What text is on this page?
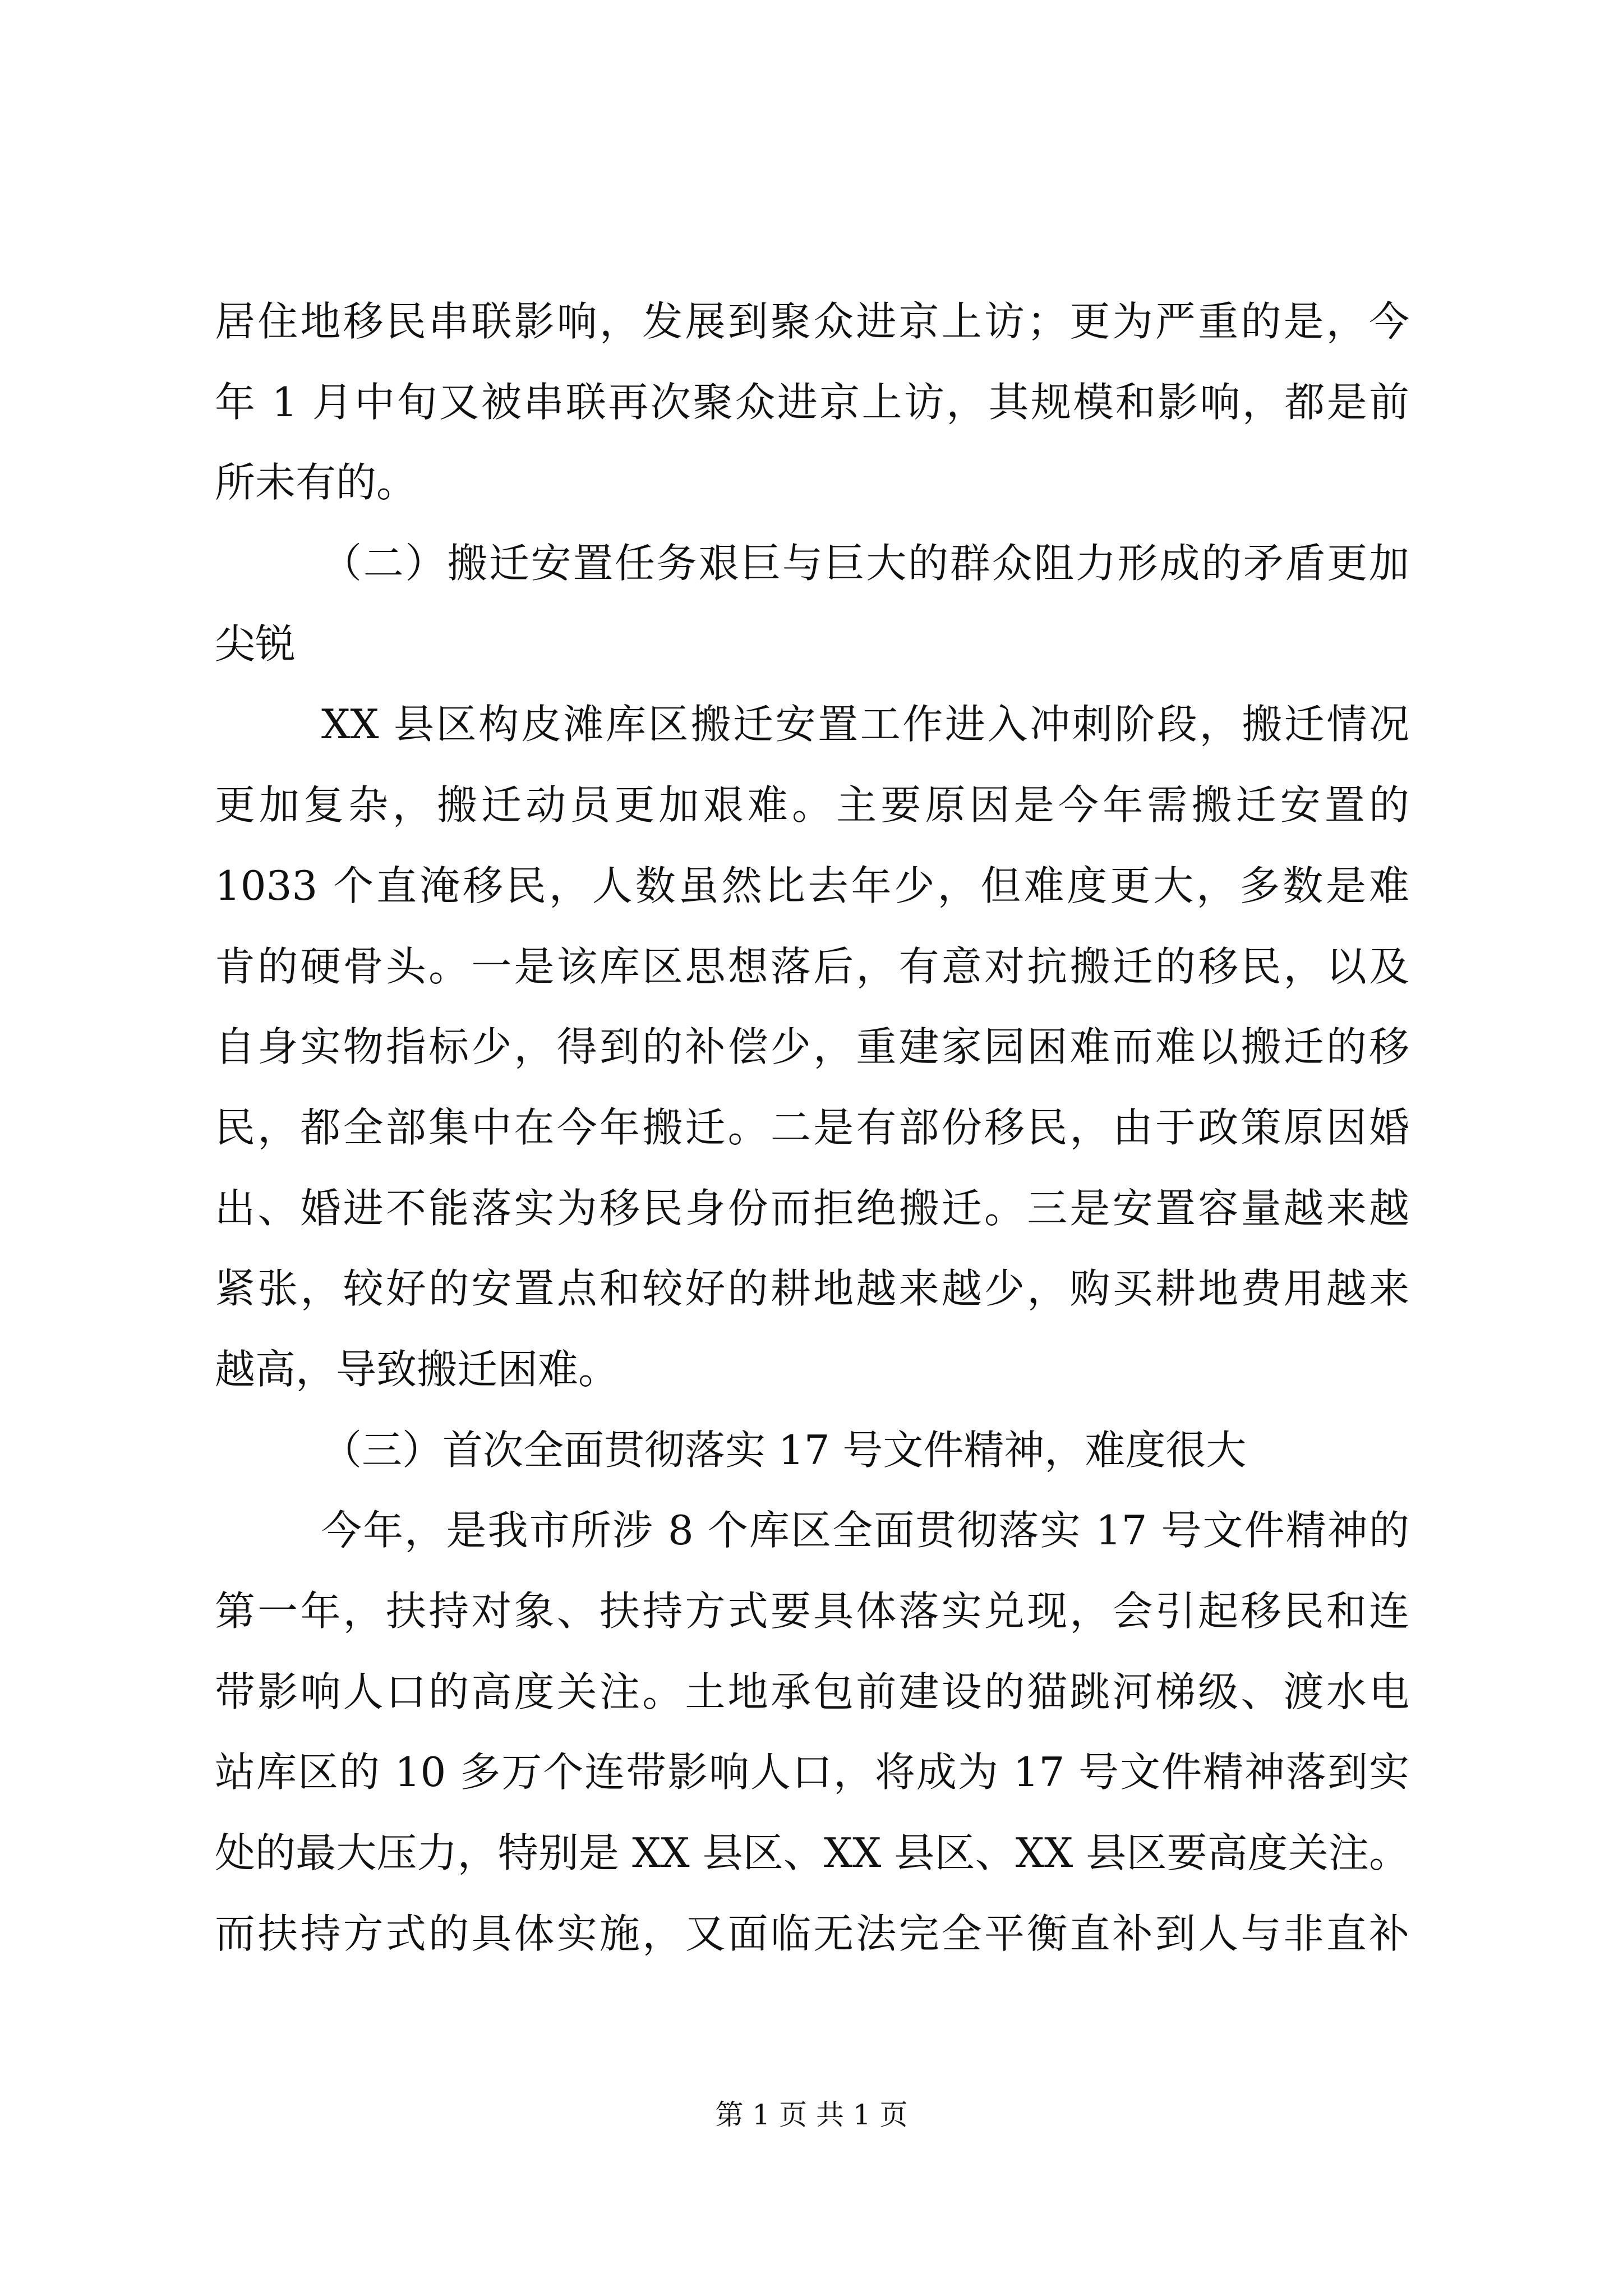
居住地移民串联影响，发展到聚众进京上访；更为严重的是，今
年 1 月中旬又被串联再次聚众进京上访，其规模和影响，都是前
所未有的。
（二）搬迁安置任务艰巨与巨大的群众阻力形成的矛盾更加
尖锐
XX 县区构皮滩库区搬迁安置工作进入冲刺阶段，搬迁情况
更加复杂，搬迁动员更加艰难。主要原因是今年需搬迁安置的
1033 个直淹移民，人数虽然比去年少，但难度更大，多数是难
肯的硬骨头。一是该库区思想落后，有意对抗搬迁的移民，以及
自身实物指标少，得到的补偿少，重建家园困难而难以搬迁的移
民，都全部集中在今年搬迁。二是有部份移民，由于政策原因婚
出、婚进不能落实为移民身份而拒绝搬迁。三是安置容量越来越
紧张，较好的安置点和较好的耕地越来越少，购买耕地费用越来
越高，导致搬迁困难。
（三）首次全面贯彻落实 17 号文件精神，难度很大
今年，是我市所涉 8 个库区全面贯彻落实 17 号文件精神的
第一年，扶持对象、扶持方式要具体落实兑现，会引起移民和连
带影响人口的高度关注。土地承包前建设的猫跳河梯级、渡水电
站库区的 10 多万个连带影响人口，将成为 17 号文件精神落到实
处的最大压力，特别是 XX 县区、XX 县区、XX 县区要高度关注。
而扶持方式的具体实施，又面临无法完全平衡直补到人与非直补
第 1 页 共 1 页
